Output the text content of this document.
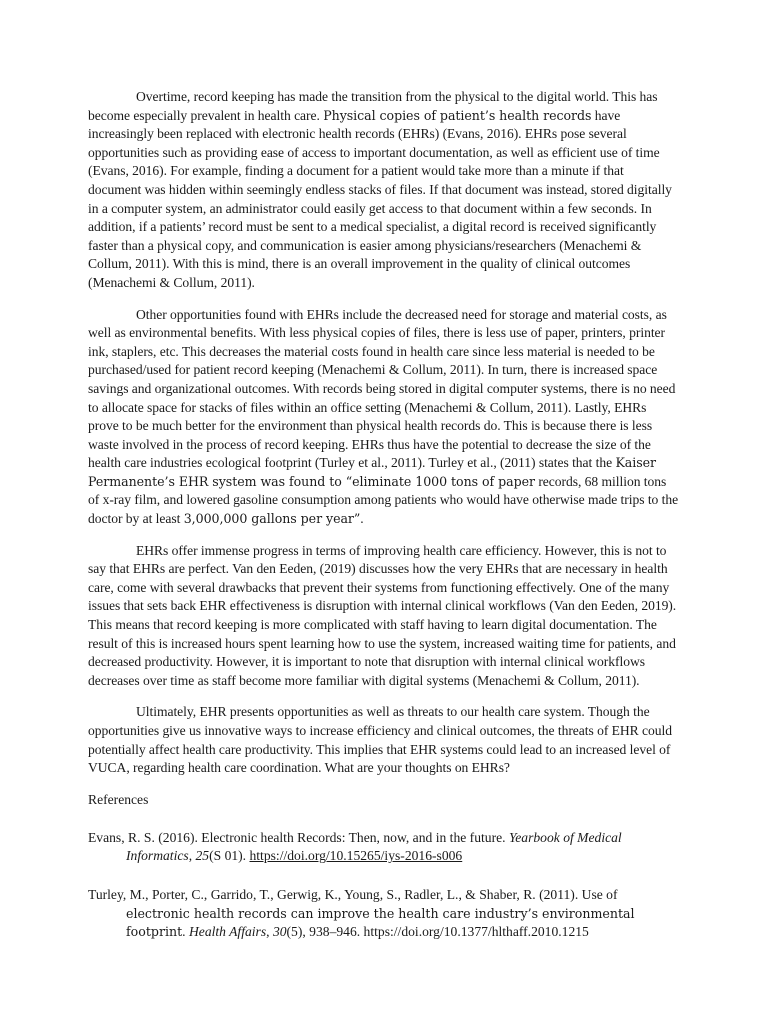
Overtime, record keeping has made the transition from the physical to the digital world. This has become especially prevalent in health care. Physical copies of patient’s health records have increasingly been replaced with electronic health records (EHRs) (Evans, 2016). EHRs pose several opportunities such as providing ease of access to important documentation, as well as efficient use of time (Evans, 2016). For example, finding a document for a patient would take more than a minute if that document was hidden within seemingly endless stacks of files. If that document was instead, stored digitally in a computer system, an administrator could easily get access to that document within a few seconds. In addition, if a patients’ record must be sent to a medical specialist, a digital record is received significantly faster than a physical copy, and communication is easier among physicians/researchers (Menachemi & Collum, 2011). With this is mind, there is an overall improvement in the quality of clinical outcomes (Menachemi & Collum, 2011).

Other opportunities found with EHRs include the decreased need for storage and material costs, as well as environmental benefits. With less physical copies of files, there is less use of paper, printers, printer ink, staplers, etc. This decreases the material costs found in health care since less material is needed to be purchased/used for patient record keeping (Menachemi & Collum, 2011). In turn, there is increased space savings and organizational outcomes. With records being stored in digital computer systems, there is no need to allocate space for stacks of files within an office setting (Menachemi & Collum, 2011). Lastly, EHRs prove to be much better for the environment than physical health records do. This is because there is less waste involved in the process of record keeping. EHRs thus have the potential to decrease the size of the health care industries ecological footprint (Turley et al., 2011). Turley et al., (2011) states that the Kaiser Permanente’s EHR system was found to “eliminate 1000 tons of paper records, 68 million tons of x-ray film, and lowered gasoline consumption among patients who would have otherwise made trips to the doctor by at least 3,000,000 gallons per year”.

EHRs offer immense progress in terms of improving health care efficiency. However, this is not to say that EHRs are perfect. Van den Eeden, (2019) discusses how the very EHRs that are necessary in health care, come with several drawbacks that prevent their systems from functioning effectively. One of the many issues that sets back EHR effectiveness is disruption with internal clinical workflows (Van den Eeden, 2019). This means that record keeping is more complicated with staff having to learn digital documentation. The result of this is increased hours spent learning how to use the system, increased waiting time for patients, and decreased productivity. However, it is important to note that disruption with internal clinical workflows decreases over time as staff become more familiar with digital systems (Menachemi & Collum, 2011).

Ultimately, EHR presents opportunities as well as threats to our health care system. Though the opportunities give us innovative ways to increase efficiency and clinical outcomes, the threats of EHR could potentially affect health care productivity. This implies that EHR systems could lead to an increased level of VUCA, regarding health care coordination. What are your thoughts on EHRs?

References
Evans, R. S. (2016). Electronic health Records: Then, now, and in the future. Yearbook of Medical Informatics, 25(S 01). https://doi.org/10.15265/iys-2016-s006
Turley, M., Porter, C., Garrido, T., Gerwig, K., Young, S., Radler, L., & Shaber, R. (2011). Use of electronic health records can improve the health care industry’s environmental footprint. Health Affairs, 30(5), 938–946. https://doi.org/10.1377/hlthaff.2010.1215
